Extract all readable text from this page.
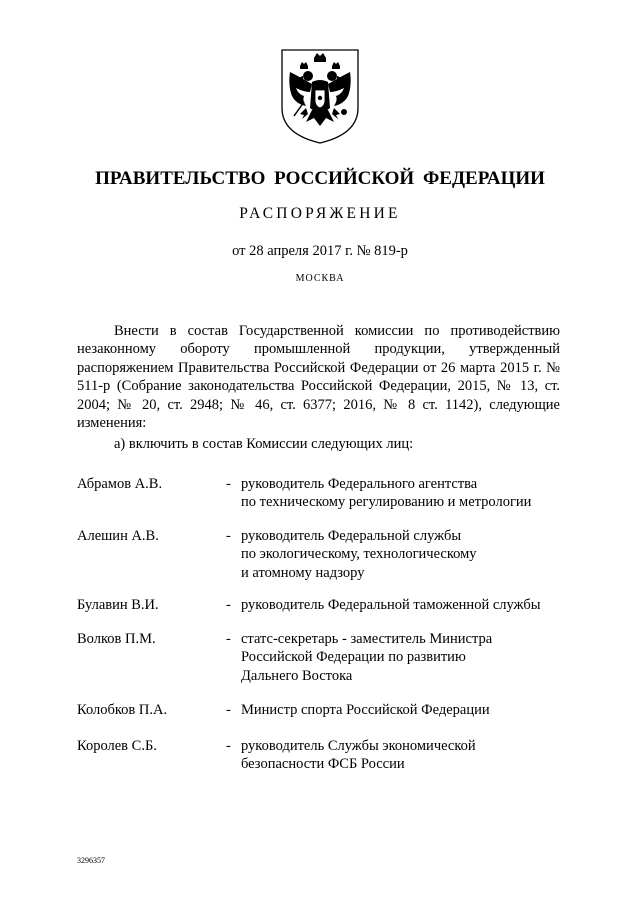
ПРАВИТЕЛЬСТВО РОССИЙСКОЙ ФЕДЕРАЦИИ
РАСПОРЯЖЕНИЕ
от 28 апреля 2017 г. № 819-р
МОСКВА

Внести в состав Государственной комиссии по противодействию незаконному обороту промышленной продукции, утвержденный распоряжением Правительства Российской Федерации от 26 марта 2015 г. № 511-р (Собрание законодательства Российской Федерации, 2015, № 13, ст. 2004; № 20, ст. 2948; № 46, ст. 6377; 2016, № 8 ст. 1142), следующие изменения:

а) включить в состав Комиссии следующих лиц:

Абрамов А.В.	- руководитель Федерального агентства
по техническому регулированию и метрологии
Алешин А.В.	- руководитель Федеральной службы
по экологическому, технологическому
и атомному надзору
Булавин В.И.	- руководитель Федеральной таможенной службы
Волков П.М.	- статс-секретарь - заместитель Министра
Российской Федерации по развитию
Дальнего Востока
Колобков П.А.	- Министр спорта Российской Федерации
Королев С.Б.	- руководитель Службы экономической
безопасности ФСБ России
3296357
